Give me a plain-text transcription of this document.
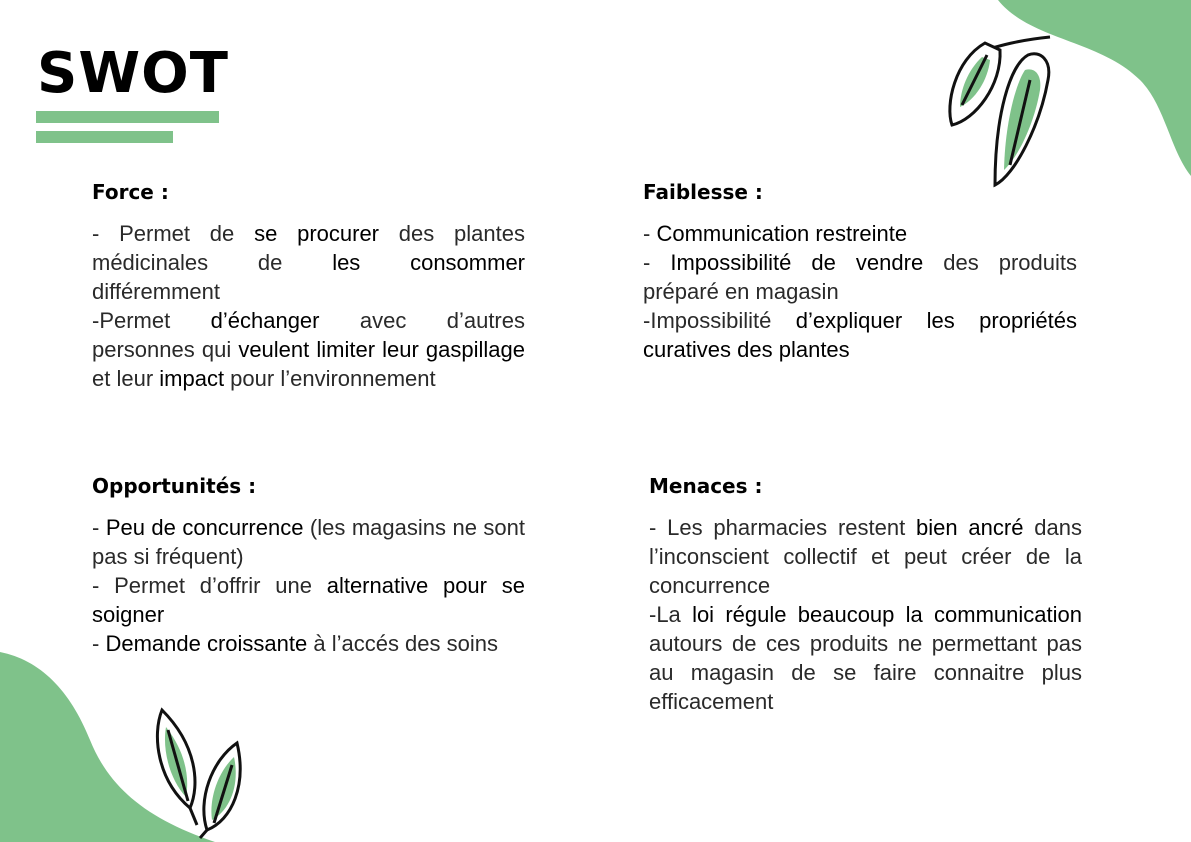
SWOT
Force :

- Permet de se procurer des plantes médicinales de les consommer différemment

-Permet d’échanger avec d’autres personnes qui veulent limiter leur gaspillage et leur impact pour l’environnement

Faiblesse :

- Communication restreinte

- Impossibilité de vendre des produits préparé en magasin

-Impossibilité d’expliquer les propriétés curatives des plantes

Opportunités :

- Peu de concurrence (les magasins ne sont pas si fréquent)

- Permet d’offrir une alternative pour se soigner

- Demande croissante à l’accés des soins

Menaces :

- Les pharmacies restent bien ancré dans l’inconscient collectif et peut créer de la concurrence

-La loi régule beaucoup la communication autours de ces produits ne permettant pas au magasin de se faire connaitre plus efficacement
